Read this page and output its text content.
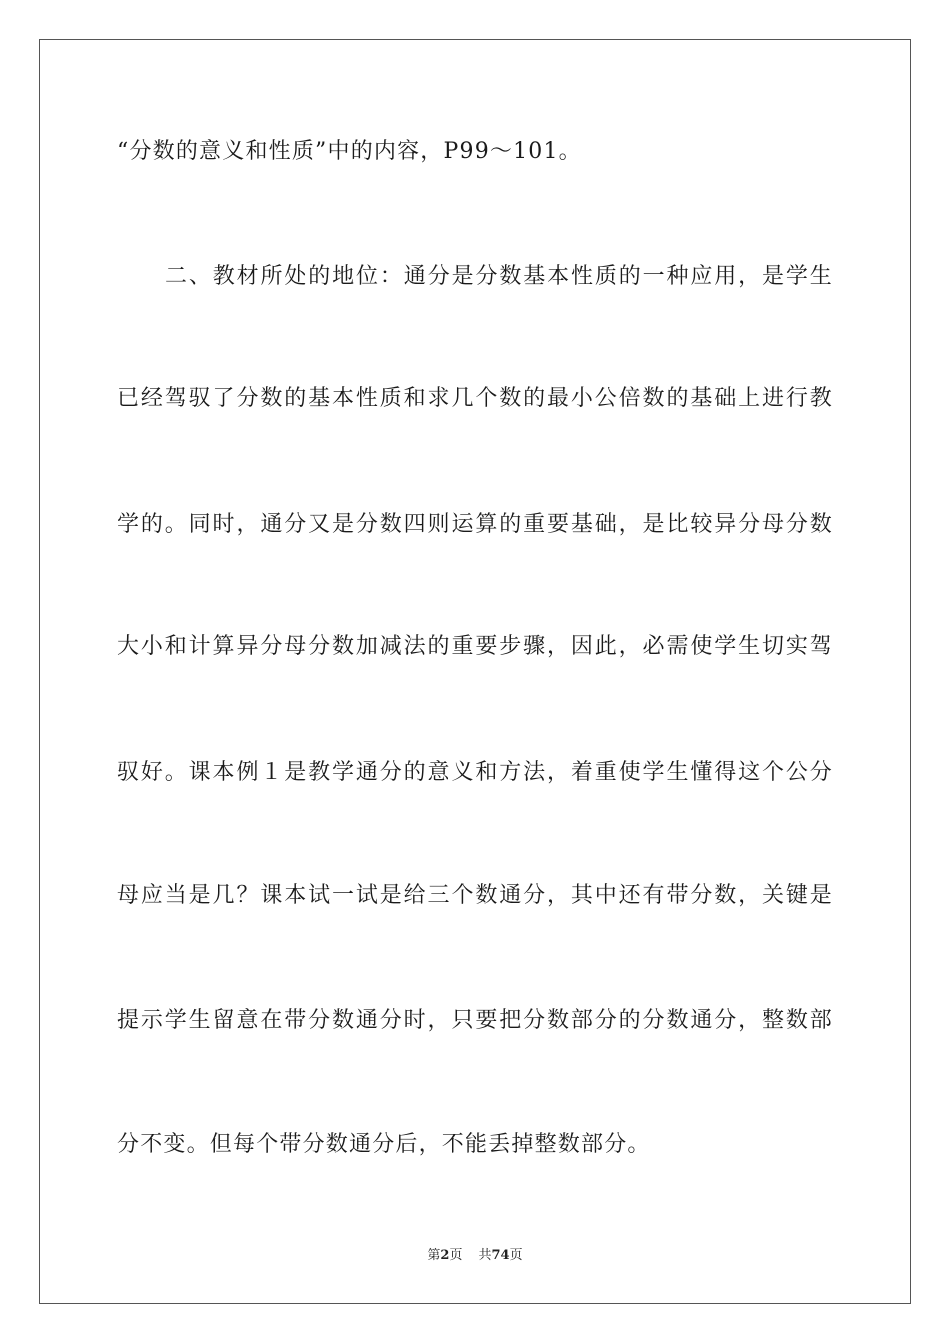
“分数的意义和性质”中的内容，P99～101。
二、教材所处的地位：通分是分数基本性质的一种应用，是学生
已经驾驭了分数的基本性质和求几个数的最小公倍数的基础上进行教
学的。同时，通分又是分数四则运算的重要基础，是比较异分母分数
大小和计算异分母分数加减法的重要步骤，因此，必需使学生切实驾
驭好。课本例１是教学通分的意义和方法，着重使学生懂得这个公分
母应当是几？课本试一试是给三个数通分，其中还有带分数，关键是
提示学生留意在带分数通分时，只要把分数部分的分数通分，整数部
分不变。但每个带分数通分后，不能丢掉整数部分。
第2页 共74页
